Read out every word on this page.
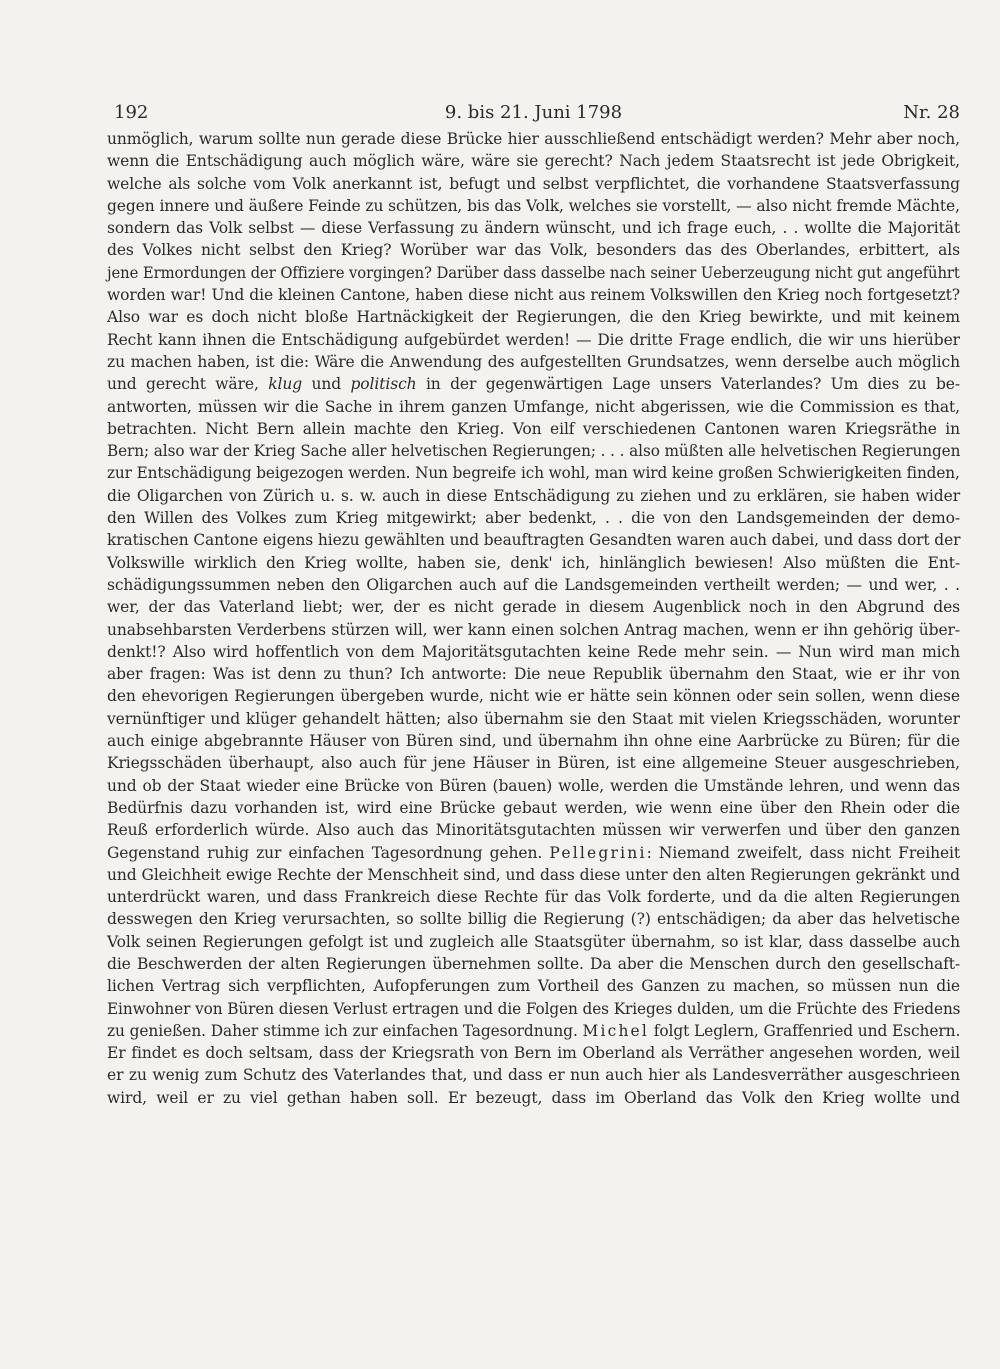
192	9. bis 21. Juni 1798	Nr. 28
unmöglich, warum sollte nun gerade diese Brücke hier ausschließend entschädigt werden? Mehr aber noch,
wenn die Entschädigung auch möglich wäre, wäre sie gerecht? Nach jedem Staatsrecht ist jede Obrigkeit,
welche als solche vom Volk anerkannt ist, befugt und selbst verpflichtet, die vorhandene Staatsverfassung
gegen innere und äußere Feinde zu schützen, bis das Volk, welches sie vorstellt, — also nicht fremde Mächte,
sondern das Volk selbst — diese Verfassung zu ändern wünscht, und ich frage euch, . . wollte die Majorität
des Volkes nicht selbst den Krieg? Worüber war das Volk, besonders das des Oberlandes, erbittert, als
jene Ermordungen der Offiziere vorgingen? Darüber dass dasselbe nach seiner Ueberzeugung nicht gut angeführt
worden war! Und die kleinen Cantone, haben diese nicht aus reinem Volkswillen den Krieg noch fortgesetzt?
Also war es doch nicht bloße Hartnäckigkeit der Regierungen, die den Krieg bewirkte, und mit keinem
Recht kann ihnen die Entschädigung aufgebürdet werden! — Die dritte Frage endlich, die wir uns hierüber
zu machen haben, ist die: Wäre die Anwendung des aufgestellten Grundsatzes, wenn derselbe auch möglich
und gerecht wäre, klug und politisch in der gegenwärtigen Lage unsers Vaterlandes? Um dies zu be-
antworten, müssen wir die Sache in ihrem ganzen Umfange, nicht abgerissen, wie die Commission es that,
betrachten. Nicht Bern allein machte den Krieg. Von eilf verschiedenen Cantonen waren Kriegsräthe in
Bern; also war der Krieg Sache aller helvetischen Regierungen; . . . also müßten alle helvetischen Regierungen
zur Entschädigung beigezogen werden. Nun begreife ich wohl, man wird keine großen Schwierigkeiten finden,
die Oligarchen von Zürich u. s. w. auch in diese Entschädigung zu ziehen und zu erklären, sie haben wider
den Willen des Volkes zum Krieg mitgewirkt; aber bedenkt, . . die von den Landsgemeinden der demo-
kratischen Cantone eigens hiezu gewählten und beauftragten Gesandten waren auch dabei, und dass dort der
Volkswille wirklich den Krieg wollte, haben sie, denk' ich, hinlänglich bewiesen! Also müßten die Ent-
schädigungssummen neben den Oligarchen auch auf die Landsgemeinden vertheilt werden; — und wer, . .
wer, der das Vaterland liebt; wer, der es nicht gerade in diesem Augenblick noch in den Abgrund des
unabsehbarsten Verderbens stürzen will, wer kann einen solchen Antrag machen, wenn er ihn gehörig über-
denkt!? Also wird hoffentlich von dem Majoritätsgutachten keine Rede mehr sein. — Nun wird man mich
aber fragen: Was ist denn zu thun? Ich antworte: Die neue Republik übernahm den Staat, wie er ihr von
den ehevorigen Regierungen übergeben wurde, nicht wie er hätte sein können oder sein sollen, wenn diese
vernünftiger und klüger gehandelt hätten; also übernahm sie den Staat mit vielen Kriegsschäden, worunter
auch einige abgebrannte Häuser von Büren sind, und übernahm ihn ohne eine Aarbrücke zu Büren; für die
Kriegsschäden überhaupt, also auch für jene Häuser in Büren, ist eine allgemeine Steuer ausgeschrieben,
und ob der Staat wieder eine Brücke von Büren (bauen) wolle, werden die Umstände lehren, und wenn das
Bedürfnis dazu vorhanden ist, wird eine Brücke gebaut werden, wie wenn eine über den Rhein oder die
Reuß erforderlich würde. Also auch das Minoritätsgutachten müssen wir verwerfen und über den ganzen
Gegenstand ruhig zur einfachen Tagesordnung gehen. Pellegrini: Niemand zweifelt, dass nicht Freiheit
und Gleichheit ewige Rechte der Menschheit sind, und dass diese unter den alten Regierungen gekränkt und
unterdrückt waren, und dass Frankreich diese Rechte für das Volk forderte, und da die alten Regierungen
desswegen den Krieg verursachten, so sollte billig die Regierung (?) entschädigen; da aber das helvetische
Volk seinen Regierungen gefolgt ist und zugleich alle Staatsgüter übernahm, so ist klar, dass dasselbe auch
die Beschwerden der alten Regierungen übernehmen sollte. Da aber die Menschen durch den gesellschaft-
lichen Vertrag sich verpflichten, Aufopferungen zum Vortheil des Ganzen zu machen, so müssen nun die
Einwohner von Büren diesen Verlust ertragen und die Folgen des Krieges dulden, um die Früchte des Friedens
zu genießen. Daher stimme ich zur einfachen Tagesordnung. Michel folgt Leglern, Graffenried und Eschern.
Er findet es doch seltsam, dass der Kriegsrath von Bern im Oberland als Verräther angesehen worden, weil
er zu wenig zum Schutz des Vaterlandes that, und dass er nun auch hier als Landesverräther ausgeschrieen
wird, weil er zu viel gethan haben soll. Er bezeugt, dass im Oberland das Volk den Krieg wollte und
